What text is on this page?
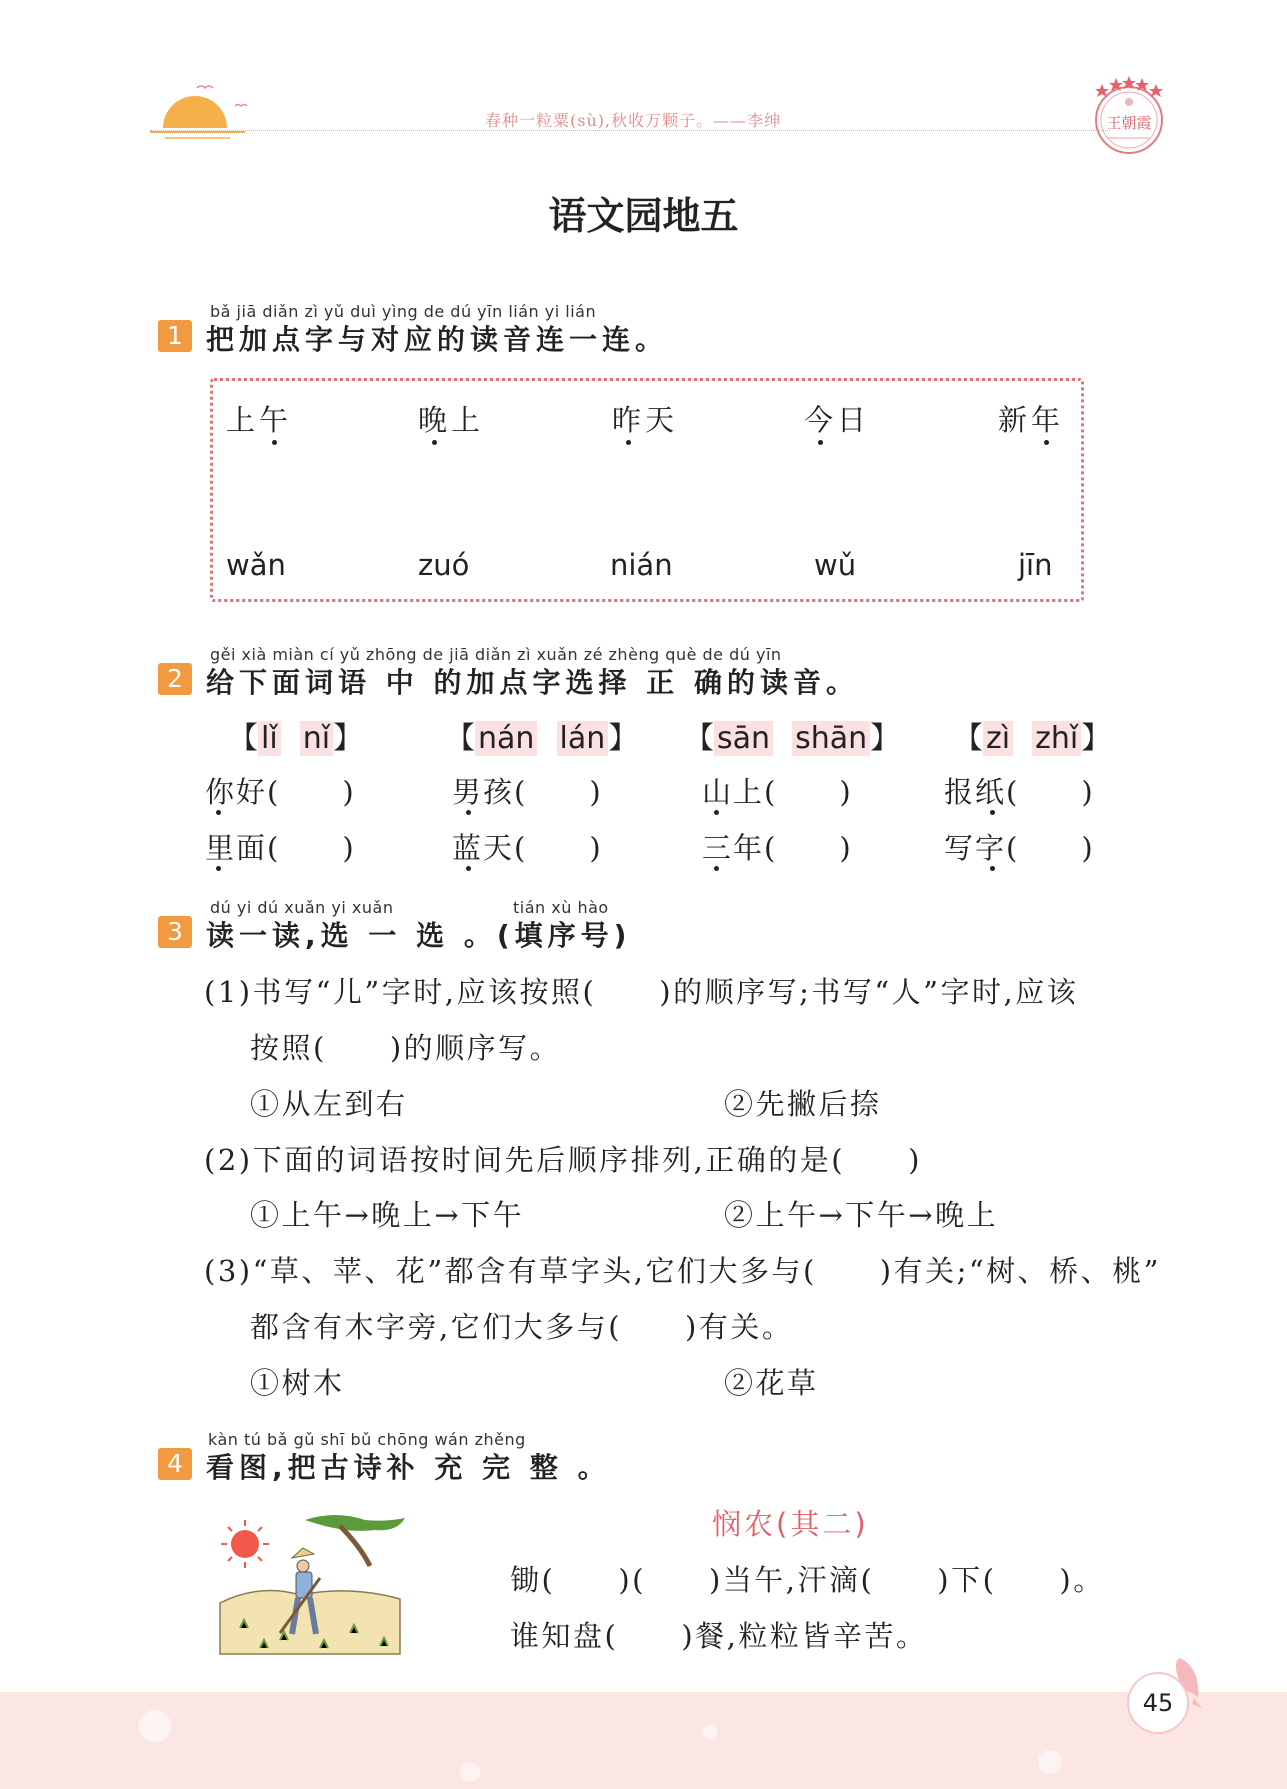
春种一粒粟(sù),秋收万颗子。——李绅	王朝霞
语文园地五
bǎ jiā diǎn zì yǔ duì yìng de dú yīn lián yi lián
1 把加点字与对应的读音连一连。
上午	晚上	昨天	今日	新年
wǎn	zuó	nián	wǔ	jīn
gěi xià miàn cí yǔ zhōng de jiā diǎn zì xuǎn zé zhèng què de dú yīn
2 给下面词语 中 的加点字选择 正 确的读音。
【 lǐ nǐ 】	【 nán lán 】 【 sān shān 】 【 zì zhǐ 】
你好(　　)	男孩(　　)	山上(　　)	报纸(　　)
里面(　　)	蓝天(　　)	三年(　　)	写字(　　)
dú yi dú xuǎn yi xuǎn	tián xù hào
3 读一读,选 一 选 。(填序号)
(1)书写“儿”字时,应该按照(　　)的顺序写;书写“人”字时,应该
按照(　　)的顺序写。
①从左到右	②先撇后捺
(2)下面的词语按时间先后顺序排列,正确的是(　　)
①上午→晚上→下午	②上午→下午→晚上
(3)“草、苹、花”都含有草字头,它们大多与(　　)有关;“树、桥、桃”
都含有木字旁,它们大多与(　　)有关。
①树木	②花草
kàn tú bǎ gǔ shī bǔ chōng wán zhěng
4 看图,把古诗补 充 完 整 。
悯农(其二)
锄(　　)(　　)当午,汗滴(　　)下(　　)。
谁知盘(　　)餐,粒粒皆辛苦。
45
